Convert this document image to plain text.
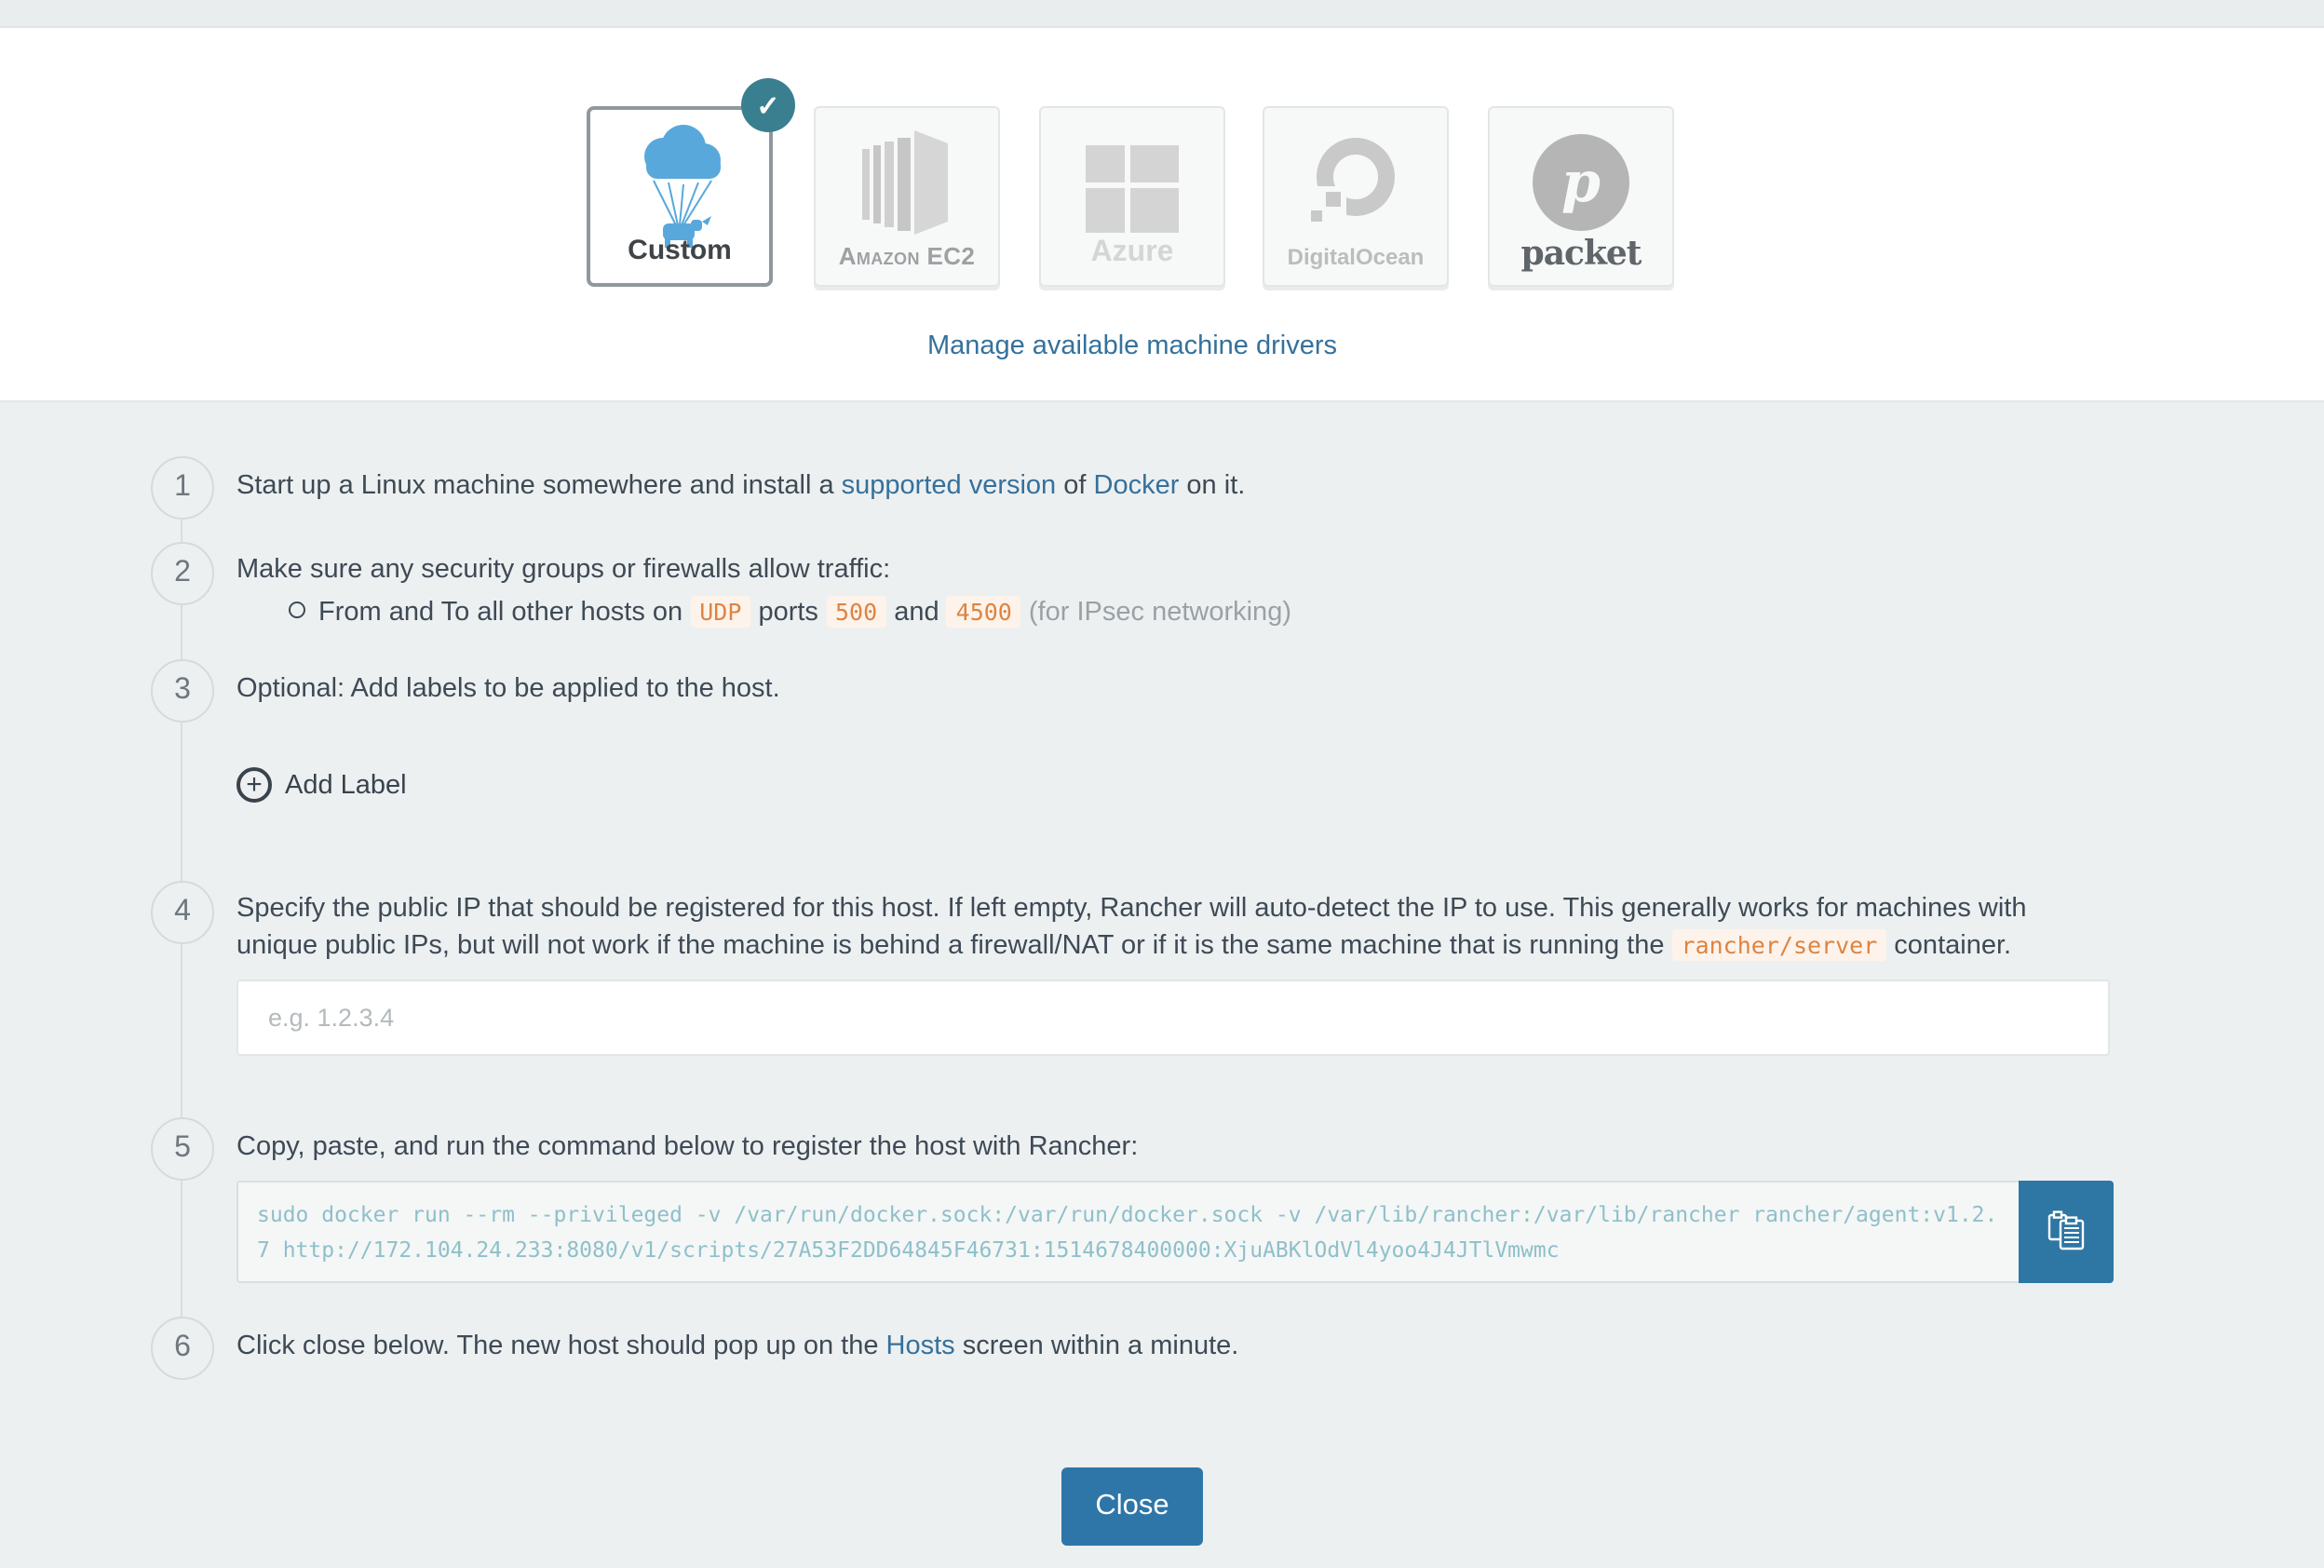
Custom
✓
Amazon EC2	Azure	DigitalOcean
p
packet
Manage available machine drivers
1
2
3
4
5
6
Start up a Linux machine somewhere and install a supported version of Docker on it.
Make sure any security groups or firewalls allow traffic:
From and To all other hosts on UDP ports 500 and 4500 (for IPsec networking)
Optional: Add labels to be applied to the host.
+	Add Label
Specify the public IP that should be registered for this host. If left empty, Rancher will auto-detect the IP to use. This generally works for machines with unique public IPs, but will not work if the machine is behind a firewall/NAT or if it is the same machine that is running the rancher/server container.
e.g. 1.2.3.4
Copy, paste, and run the command below to register the host with Rancher:
sudo docker run --rm --privileged -v /var/run/docker.sock:/var/run/docker.sock -v /var/lib/rancher:/var/lib/rancher rancher/agent:v1.2.7 http://172.104.24.233:8080/v1/scripts/27A53F2DD64845F46731:1514678400000:XjuABKlOdVl4yoo4J4JTlVmwmc
Click close below. The new host should pop up on the Hosts screen within a minute.
Close
